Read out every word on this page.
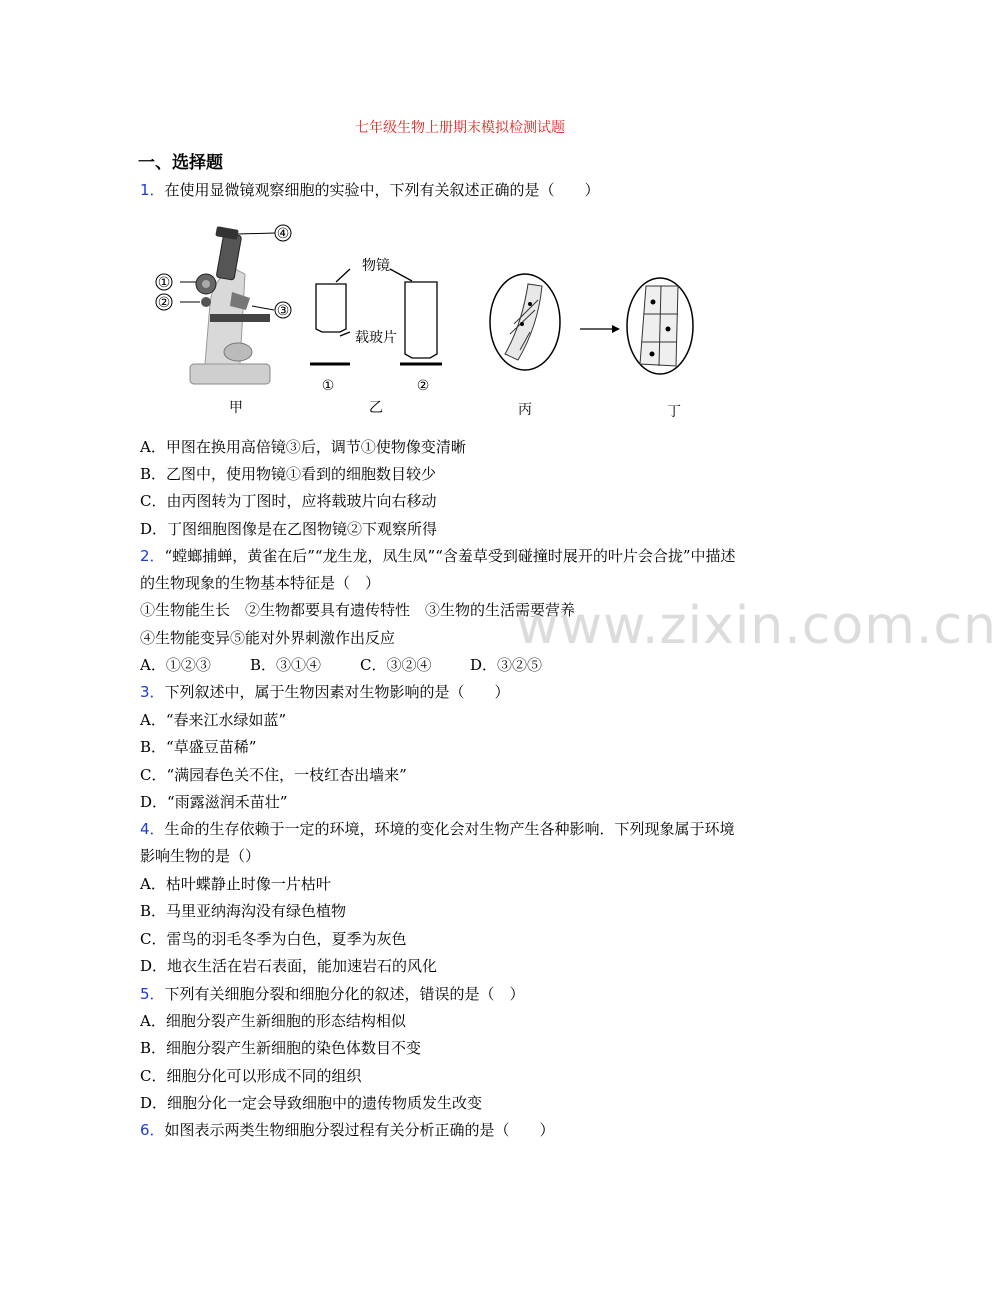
七年级生物上册期末模拟检测试题
一、选择题
1．在使用显微镜观察细胞的实验中，下列有关叙述正确的是（　　）
④
①
②	③
甲
物镜
载玻片
①	②
乙	丙	丁
A．甲图在换用高倍镜③后，调节①使物像变清晰
B．乙图中，使用物镜①看到的细胞数目较少
C．由丙图转为丁图时，应将载玻片向右移动
D．丁图细胞图像是在乙图物镜②下观察所得
2．“螳螂捕蝉，黄雀在后”“龙生龙，凤生凤”“含羞草受到碰撞时展开的叶片会合拢”中描述
的生物现象的生物基本特征是（　）
①生物能生长　②生物都要具有遗传特性　③生物的生活需要营养
④生物能变异⑤能对外界刺激作出反应
A．①②③	B．③①④	C．③②④	D．③②⑤
www.zixin.com.cn
3．下列叙述中，属于生物因素对生物影响的是（　　）
A．“春来江水绿如蓝”
B．“草盛豆苗稀”
C．“满园春色关不住，一枝红杏出墙来”
D．“雨露滋润禾苗壮”
4．生命的生存依赖于一定的环境，环境的变化会对生物产生各种影响．下列现象属于环境
影响生物的是（）
A．枯叶蝶静止时像一片枯叶
B．马里亚纳海沟没有绿色植物
C．雷鸟的羽毛冬季为白色，夏季为灰色
D．地衣生活在岩石表面，能加速岩石的风化
5．下列有关细胞分裂和细胞分化的叙述，错误的是（　）
A．细胞分裂产生新细胞的形态结构相似
B．细胞分裂产生新细胞的染色体数目不变
C．细胞分化可以形成不同的组织
D．细胞分化一定会导致细胞中的遗传物质发生改变
6．如图表示两类生物细胞分裂过程有关分析正确的是（　　）
